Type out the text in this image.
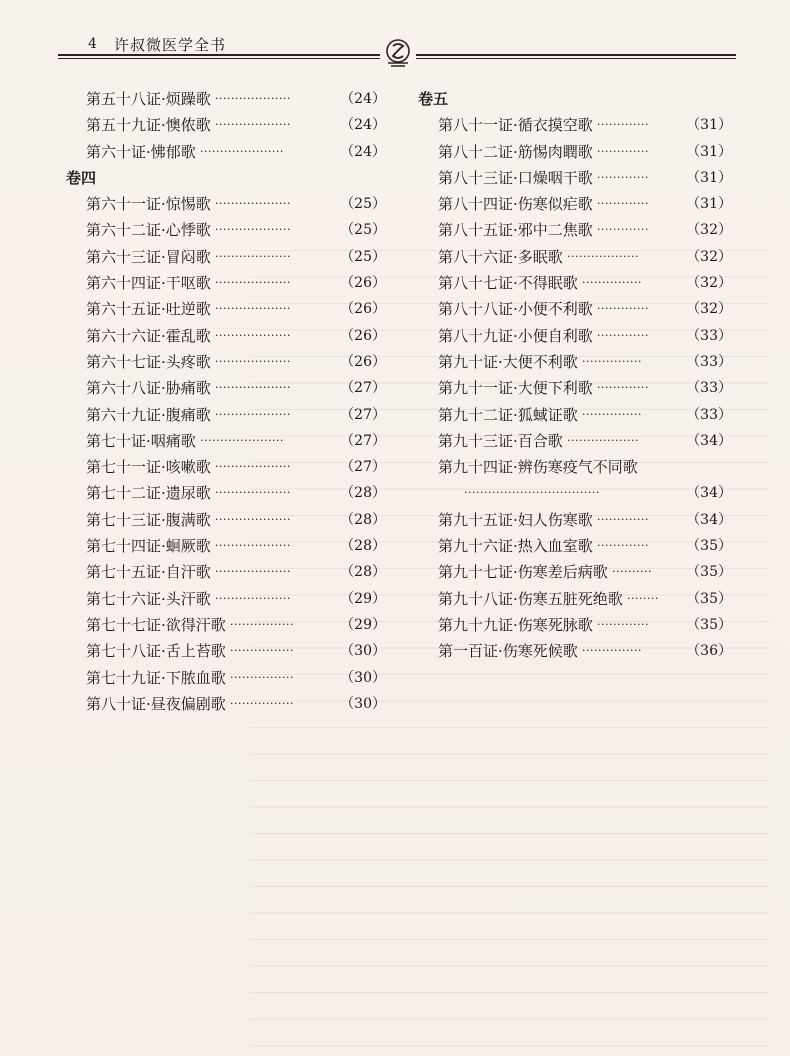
4 许叔微医学全书
第五十八证·烦躁歌 ···················	（24）
第五十九证·懊侬歌 ···················	（24）
第六十证·怫郁歌 ·····················	（24）
卷四
第六十一证·惊惕歌 ···················	（25）
第六十二证·心悸歌 ···················	（25）
第六十三证·冒闷歌 ···················	（25）
第六十四证·干呕歌 ···················	（26）
第六十五证·吐逆歌 ···················	（26）
第六十六证·霍乱歌 ···················	（26）
第六十七证·头疼歌 ···················	（26）
第六十八证·胁痛歌 ···················	（27）
第六十九证·腹痛歌 ···················	（27）
第七十证·咽痛歌 ·····················	（27）
第七十一证·咳嗽歌 ···················	（27）
第七十二证·遗尿歌 ···················	（28）
第七十三证·腹满歌 ···················	（28）
第七十四证·蛔厥歌 ···················	（28）
第七十五证·自汗歌 ···················	（28）
第七十六证·头汗歌 ···················	（29）
第七十七证·欲得汗歌 ················	（29）
第七十八证·舌上苔歌 ················	（30）
第七十九证·下脓血歌 ················	（30）
第八十证·昼夜偏剧歌 ················	（30）
卷五
第八十一证·循衣摸空歌 ·············	（31）
第八十二证·筋惕肉瞤歌 ·············	（31）
第八十三证·口燥咽干歌 ·············	（31）
第八十四证·伤寒似疟歌 ·············	（31）
第八十五证·邪中二焦歌 ·············	（32）
第八十六证·多眠歌 ··················	（32）
第八十七证·不得眠歌 ···············	（32）
第八十八证·小便不利歌 ·············	（32）
第八十九证·小便自利歌 ·············	（33）
第九十证·大便不利歌 ···············	（33）
第九十一证·大便下利歌 ·············	（33）
第九十二证·狐蜮证歌 ···············	（33）
第九十三证·百合歌 ··················	（34）
第九十四证·辨伤寒疫气不同歌
··································	（34）
第九十五证·妇人伤寒歌 ·············	（34）
第九十六证·热入血室歌 ·············	（35）
第九十七证·伤寒差后病歌 ··········	（35）
第九十八证·伤寒五脏死绝歌 ········	（35）
第九十九证·伤寒死脉歌 ·············	（35）
第一百证·伤寒死候歌 ···············	（36）
